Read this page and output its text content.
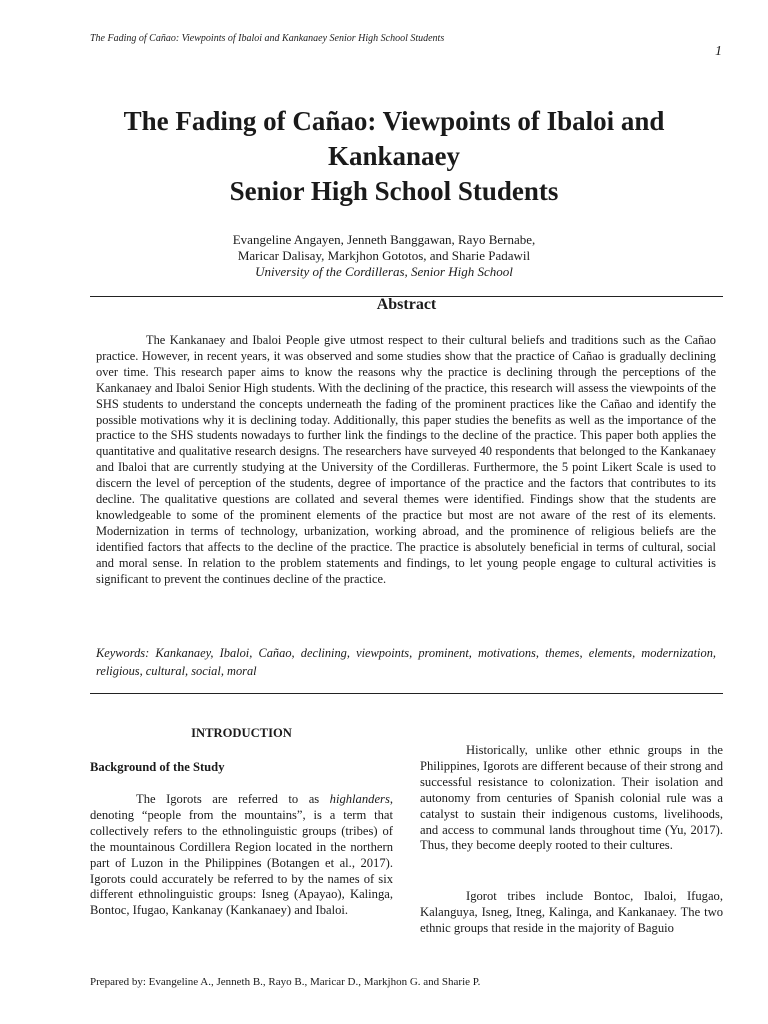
The Fading of Cañao: Viewpoints of Ibaloi and Kankanaey Senior High School Students
1
The Fading of Cañao: Viewpoints of Ibaloi and
Kankanaey
Senior High School Students
Evangeline Angayen, Jenneth Banggawan, Rayo Bernabe,
Maricar Dalisay, Markjhon Gototos, and Sharie Padawil
University of the Cordilleras, Senior High School
Abstract
The Kankanaey and Ibaloi People give utmost respect to their cultural beliefs and traditions such as the Cañao practice. However, in recent years, it was observed and some studies show that the practice of Cañao is gradually declining over time. This research paper aims to know the reasons why the practice is declining through the perceptions of the Kankanaey and Ibaloi Senior High students. With the declining of the practice, this research will assess the viewpoints of the SHS students to understand the concepts underneath the fading of the prominent practices like the Cañao and identify the possible motivations why it is declining today. Additionally, this paper studies the benefits as well as the importance of the practice to the SHS students nowadays to further link the findings to the decline of the practice. This paper both applies the quantitative and qualitative research designs. The researchers have surveyed 40 respondents that belonged to the Kankanaey and Ibaloi that are currently studying at the University of the Cordilleras. Furthermore, the 5 point Likert Scale is used to discern the level of perception of the students, degree of importance of the practice and the factors that contributes to its decline. The qualitative questions are collated and several themes were identified. Findings show that the students are knowledgeable to some of the prominent elements of the practice but most are not aware of the rest of its elements. Modernization in terms of technology, urbanization, working abroad, and the prominence of religious beliefs are the identified factors that affects to the decline of the practice. The practice is absolutely beneficial in terms of cultural, social and moral sense. In relation to the problem statements and findings, to let young people engage to cultural activities is significant to prevent the continues decline of the practice.
Keywords: Kankanaey, Ibaloi, Cañao, declining, viewpoints, prominent, motivations, themes, elements, modernization, religious, cultural, social, moral
INTRODUCTION
Background of the Study
The Igorots are referred to as highlanders, denoting “people from the mountains”, is a term that collectively refers to the ethnolinguistic groups (tribes) of the mountainous Cordillera Region located in the northern part of Luzon in the Philippines (Botangen et al., 2017). Igorots could accurately be referred to by the names of six different ethnolinguistic groups: Isneg (Apayao), Kalinga, Bontoc, Ifugao, Kankanay (Kankanaey) and Ibaloi.
Historically, unlike other ethnic groups in the Philippines, Igorots are different because of their strong and successful resistance to colonization. Their isolation and autonomy from centuries of Spanish colonial rule was a catalyst to sustain their indigenous customs, livelihoods, and access to communal lands throughout time (Yu, 2017). Thus, they become deeply rooted to their cultures.
Igorot tribes include Bontoc, Ibaloi, Ifugao, Kalanguya, Isneg, Itneg, Kalinga, and Kankanaey. The two ethnic groups that reside in the majority of Baguio
Prepared by: Evangeline A., Jenneth B., Rayo B., Maricar D., Markjhon G. and Sharie P.
